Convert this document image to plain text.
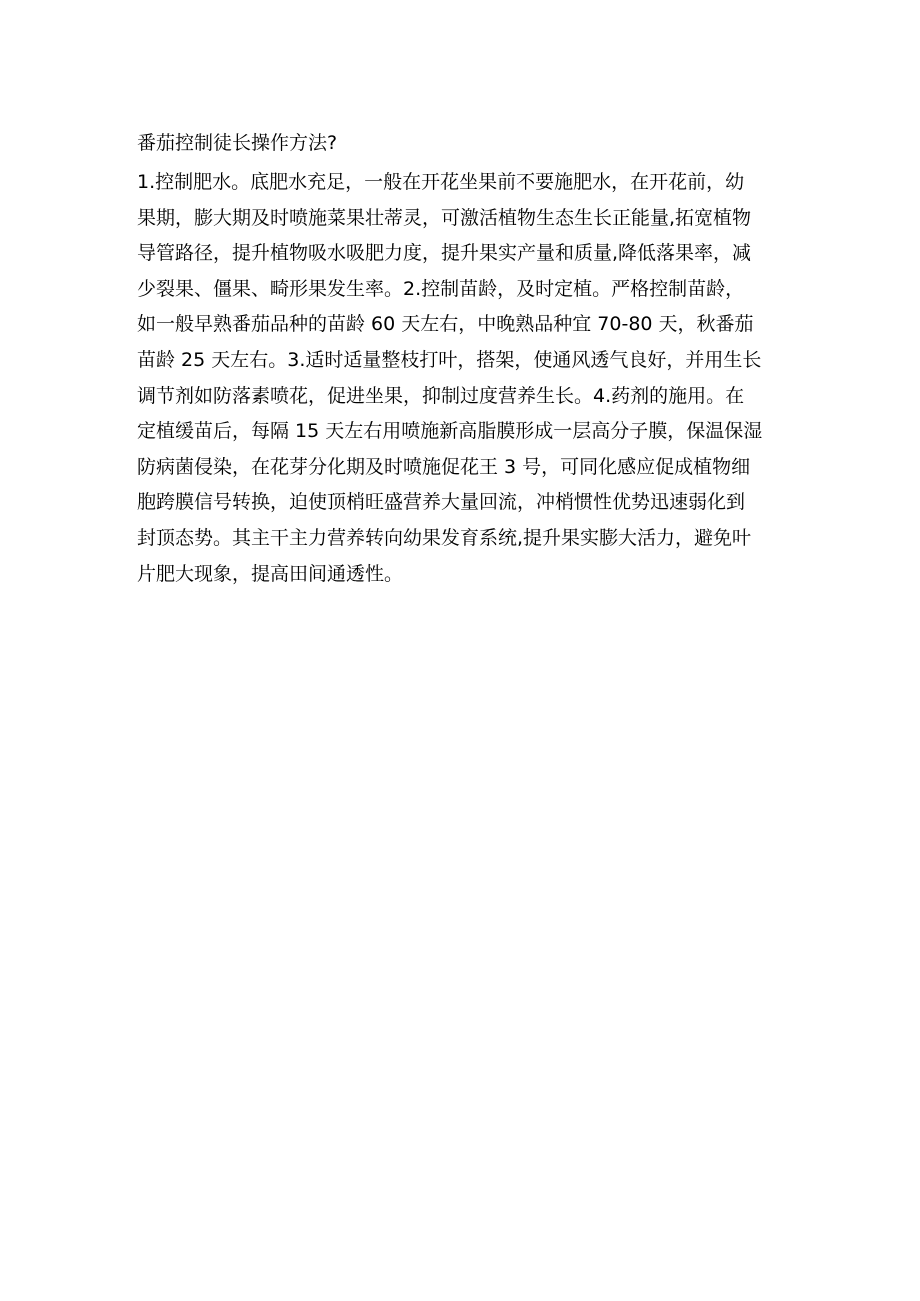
番茄控制徒长操作方法?
1.控制肥水。底肥水充足，一般在开花坐果前不要施肥水，在开花前，幼
果期，膨大期及时喷施菜果壮蒂灵，可激活植物生态生长正能量,拓宽植物
导管路径，提升植物吸水吸肥力度，提升果实产量和质量,降低落果率，减
少裂果、僵果、畸形果发生率。2.控制苗龄，及时定植。严格控制苗龄，
如一般早熟番茄品种的苗龄 60 天左右，中晚熟品种宜 70-80 天，秋番茄
苗龄 25 天左右。3.适时适量整枝打叶，搭架，使通风透气良好，并用生长
调节剂如防落素喷花，促进坐果，抑制过度营养生长。4.药剂的施用。在
定植缓苗后，每隔 15 天左右用喷施新高脂膜形成一层高分子膜，保温保湿
防病菌侵染，在花芽分化期及时喷施促花王 3 号，可同化感应促成植物细
胞跨膜信号转换，迫使顶梢旺盛营养大量回流，冲梢惯性优势迅速弱化到
封顶态势。其主干主力营养转向幼果发育系统,提升果实膨大活力，避免叶
片肥大现象，提高田间通透性。
